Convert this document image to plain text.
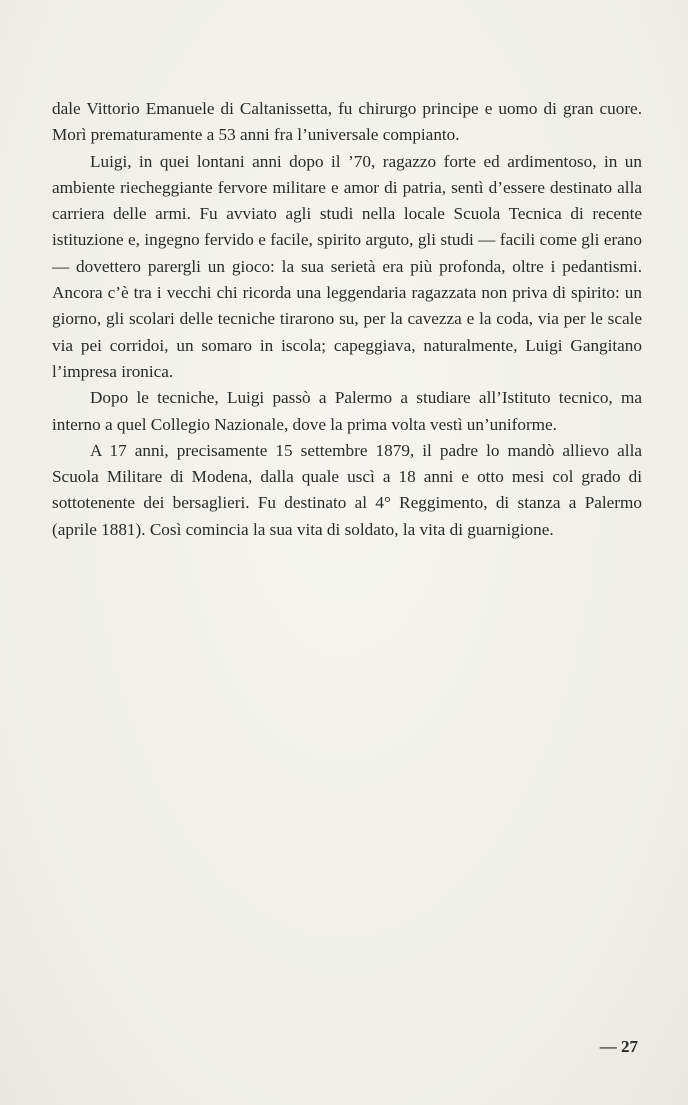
dale Vittorio Emanuele di Caltanissetta, fu chirurgo principe e uomo di gran cuore. Morì prematuramente a 53 anni fra l’universale compianto.

Luigi, in quei lontani anni dopo il ’70, ragazzo forte ed ardimentoso, in un ambiente riecheggiante fervore militare e amor di patria, sentì d’essere destinato alla carriera delle armi. Fu avviato agli studi nella locale Scuola Tecnica di recente istituzione e, ingegno fervido e facile, spirito arguto, gli studi — facili come gli erano — dovettero parergli un gioco: la sua serietà era più profonda, oltre i pedantismi. Ancora c’è tra i vecchi chi ricorda una leggendaria ragazzata non priva di spirito: un giorno, gli scolari delle tecniche tirarono su, per la cavezza e la coda, via per le scale via pei corridoi, un somaro in iscola; capeggiava, naturalmente, Luigi Gangitano l’impresa ironica.

Dopo le tecniche, Luigi passò a Palermo a studiare all’Istituto tecnico, ma interno a quel Collegio Nazionale, dove la prima volta vestì un’uniforme.

A 17 anni, precisamente 15 settembre 1879, il padre lo mandò allievo alla Scuola Militare di Modena, dalla quale uscì a 18 anni e otto mesi col grado di sottotenente dei bersaglieri. Fu destinato al 4° Reggimento, di stanza a Palermo (aprile 1881). Così comincia la sua vita di soldato, la vita di guarnigione.

— 27
